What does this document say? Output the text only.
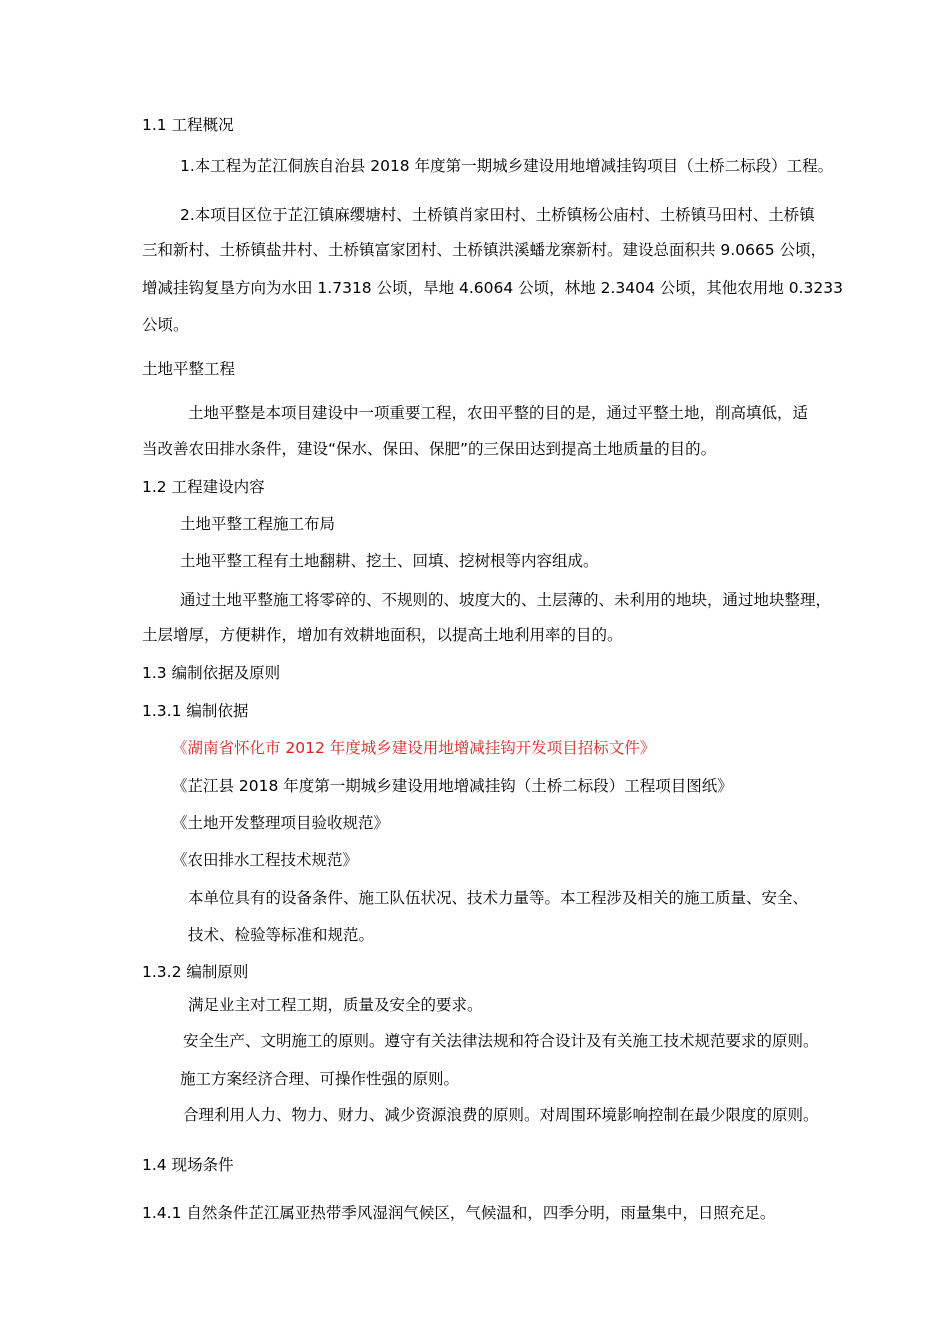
1.1 工程概况

1.本工程为芷江侗族自治县 2018 年度第一期城乡建设用地增减挂钩项目（土桥二标段）工程。

2.本项目区位于芷江镇麻缨塘村、土桥镇肖家田村、土桥镇杨公庙村、土桥镇马田村、土桥镇

三和新村、土桥镇盐井村、土桥镇富家团村、土桥镇洪溪蟠龙寨新村。建设总面积共 9.0665 公顷，

增减挂钩复垦方向为水田 1.7318 公顷，旱地 4.6064 公顷，林地 2.3404 公顷，其他农用地 0.3233

公顷。

土地平整工程

土地平整是本项目建设中一项重要工程，农田平整的目的是，通过平整土地，削高填低，适

当改善农田排水条件，建设“保水、保田、保肥”的三保田达到提高土地质量的目的。

1.2 工程建设内容

土地平整工程施工布局

土地平整工程有土地翻耕、挖土、回填、挖树根等内容组成。

通过土地平整施工将零碎的、不规则的、坡度大的、土层薄的、未利用的地块，通过地块整理，

土层增厚，方便耕作，增加有效耕地面积，以提高土地利用率的目的。

1.3 编制依据及原则

1.3.1 编制依据

《湖南省怀化市 2012 年度城乡建设用地增减挂钩开发项目招标文件》

《芷江县 2018 年度第一期城乡建设用地增减挂钩（土桥二标段）工程项目图纸》

《土地开发整理项目验收规范》

《农田排水工程技术规范》

本单位具有的设备条件、施工队伍状况、技术力量等。本工程涉及相关的施工质量、安全、

技术、检验等标准和规范。

1.3.2 编制原则

满足业主对工程工期，质量及安全的要求。

安全生产、文明施工的原则。遵守有关法律法规和符合设计及有关施工技术规范要求的原则。

施工方案经济合理、可操作性强的原则。

合理利用人力、物力、财力、减少资源浪费的原则。对周围环境影响控制在最少限度的原则。

1.4 现场条件

1.4.1 自然条件芷江属亚热带季风湿润气候区，气候温和，四季分明，雨量集中，日照充足。
